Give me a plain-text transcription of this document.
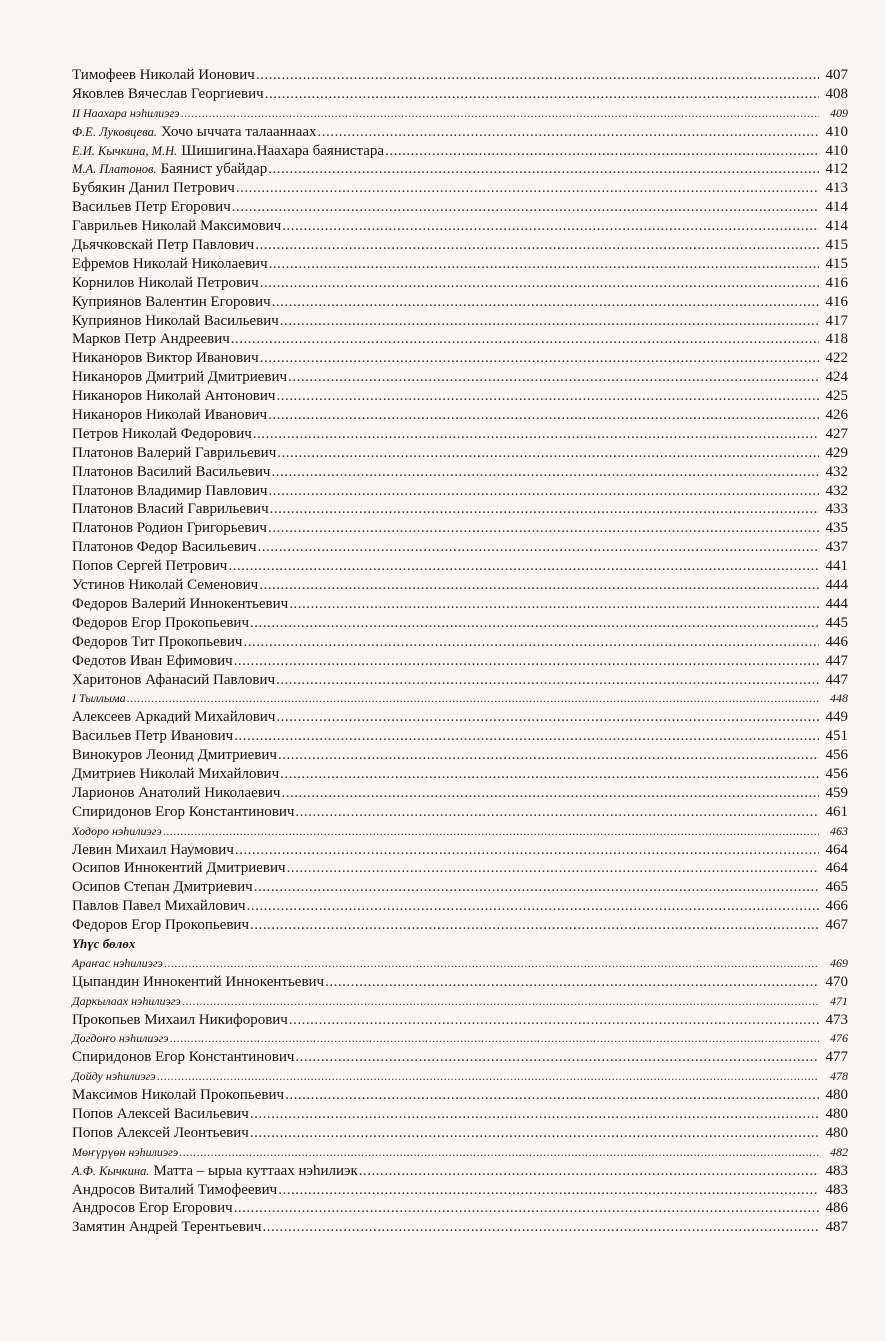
Тимофеев Николай Ионович .....	407
Яковлев Вячеслав Георгиевич .....	408
II Наахара нэһилиэгэ .....	409
Ф.Е. Луковцева. Хочо ыччата талааннаах .....	410
Е.И. Кычкина, М.Н. Шишигина.Наахара баянистара .....	410
М.А. Платонов. Баянист убайдар .....	412
Бубякин Данил Петрович .....	413
Васильев Петр Егорович .....	414
Гаврильев Николай Максимович .....	414
Дьячковскай Петр Павлович .....	415
Ефремов Николай Николаевич .....	415
Корнилов Николай Петрович .....	416
Куприянов Валентин Егорович .....	416
Куприянов Николай Васильевич .....	417
Марков Петр Андреевич .....	418
Никаноров Виктор Иванович .....	422
Никаноров Дмитрий Дмитриевич .....	424
Никаноров Николай Антонович .....	425
Никаноров Николай Иванович .....	426
Петров Николай Федорович .....	427
Платонов Валерий Гаврильевич .....	429
Платонов Василий Васильевич .....	432
Платонов Владимир Павлович .....	432
Платонов Власий Гаврильевич .....	433
Платонов Родион Григорьевич .....	435
Платонов Федор Васильевич .....	437
Попов Сергей Петрович .....	441
Устинов Николай Семенович .....	444
Федоров Валерий Иннокентьевич .....	444
Федоров Егор Прокопьевич .....	445
Федоров Тит Прокопьевич .....	446
Федотов Иван Ефимович .....	447
Харитонов Афанасий Павлович .....	447
I Тыллыма .....	448
Алексеев Аркадий Михайлович .....	449
Васильев Петр Иванович .....	451
Винокуров Леонид Дмитриевич .....	456
Дмитриев Николай Михайлович .....	456
Ларионов Анатолий Николаевич .....	459
Спиридонов Егор Константинович .....	461
Ходоро нэһилиэгэ .....	463
Левин Михаил Наумович .....	464
Осипов Иннокентий Дмитриевич .....	464
Осипов Степан Дмитриевич .....	465
Павлов Павел Михайлович .....	466
Федоров Егор Прокопьевич .....	467
Үһүс бөлөх
Араҥас нэһилиэгэ .....	469
Цыпандин Иннокентий Иннокентьевич .....	470
Даркылаах нэһилиэгэ .....	471
Прокопьев Михаил Никифорович .....	473
Догдоҥо нэһилиэгэ .....	476
Спиридонов Егор Константинович .....	477
Дойду нэһилиэгэ .....	478
Максимов Николай Прокопьевич .....	480
Попов Алексей Васильевич .....	480
Попов Алексей Леонтьевич .....	480
Мөҥүрүөн нэһилиэгэ .....	482
А.Ф. Кычкина. Матта – ырыа куттаах нэһилиэк .....	483
Андросов Виталий Тимофеевич .....	483
Андросов Егор Егорович .....	486
Замятин Андрей Терентьевич .....	487
